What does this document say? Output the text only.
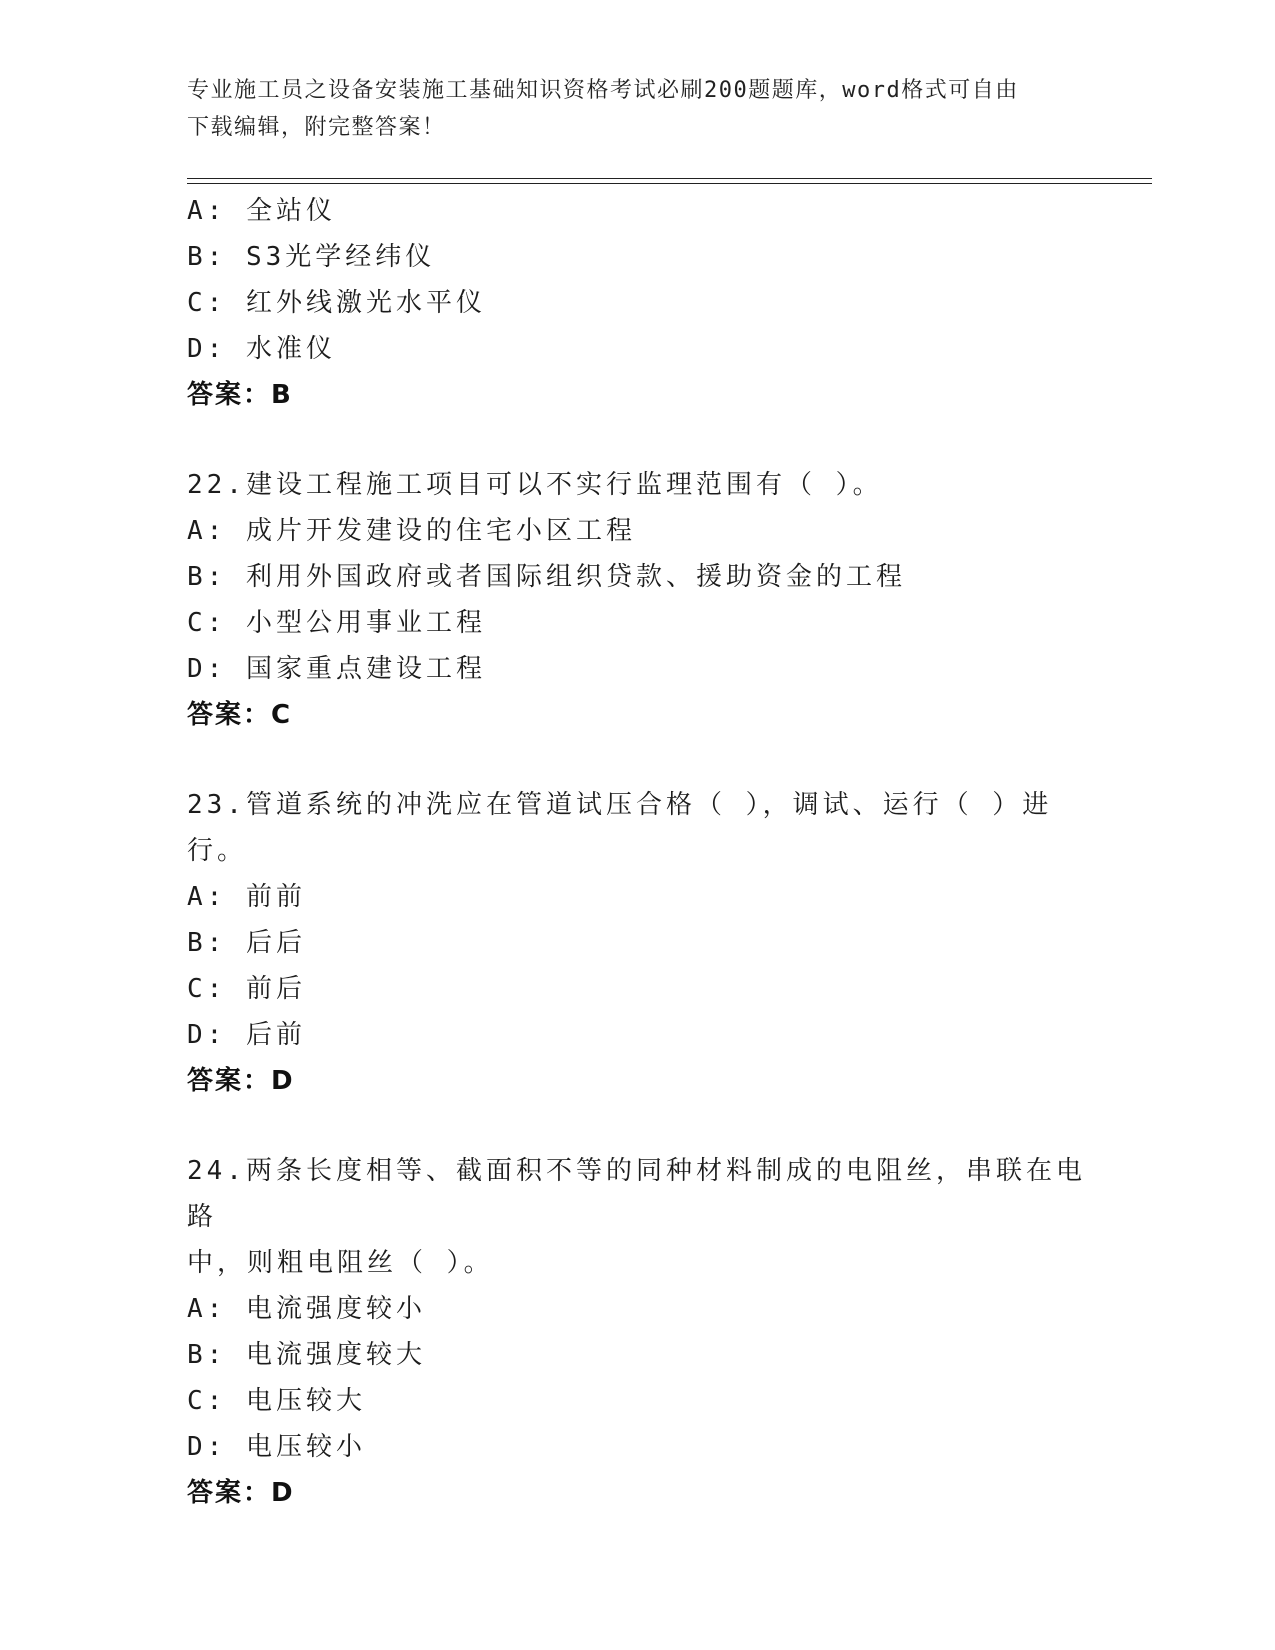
专业施工员之设备安装施工基础知识资格考试必刷200题题库，word格式可自由
下载编辑，附完整答案！
A: 全站仪
B: S3光学经纬仪
C: 红外线激光水平仪
D: 水准仪
答案：B
22.建设工程施工项目可以不实行监理范围有（ ）。
A: 成片开发建设的住宅小区工程
B: 利用外国政府或者国际组织贷款、援助资金的工程
C: 小型公用事业工程
D: 国家重点建设工程
答案：C
23.管道系统的冲洗应在管道试压合格（ ），调试、运行（ ）进行。
A: 前前
B: 后后
C: 前后
D: 后前
答案：D
24.两条长度相等、截面积不等的同种材料制成的电阻丝，串联在电路
中，则粗电阻丝（ ）。
A: 电流强度较小
B: 电流强度较大
C: 电压较大
D: 电压较小
答案：D
